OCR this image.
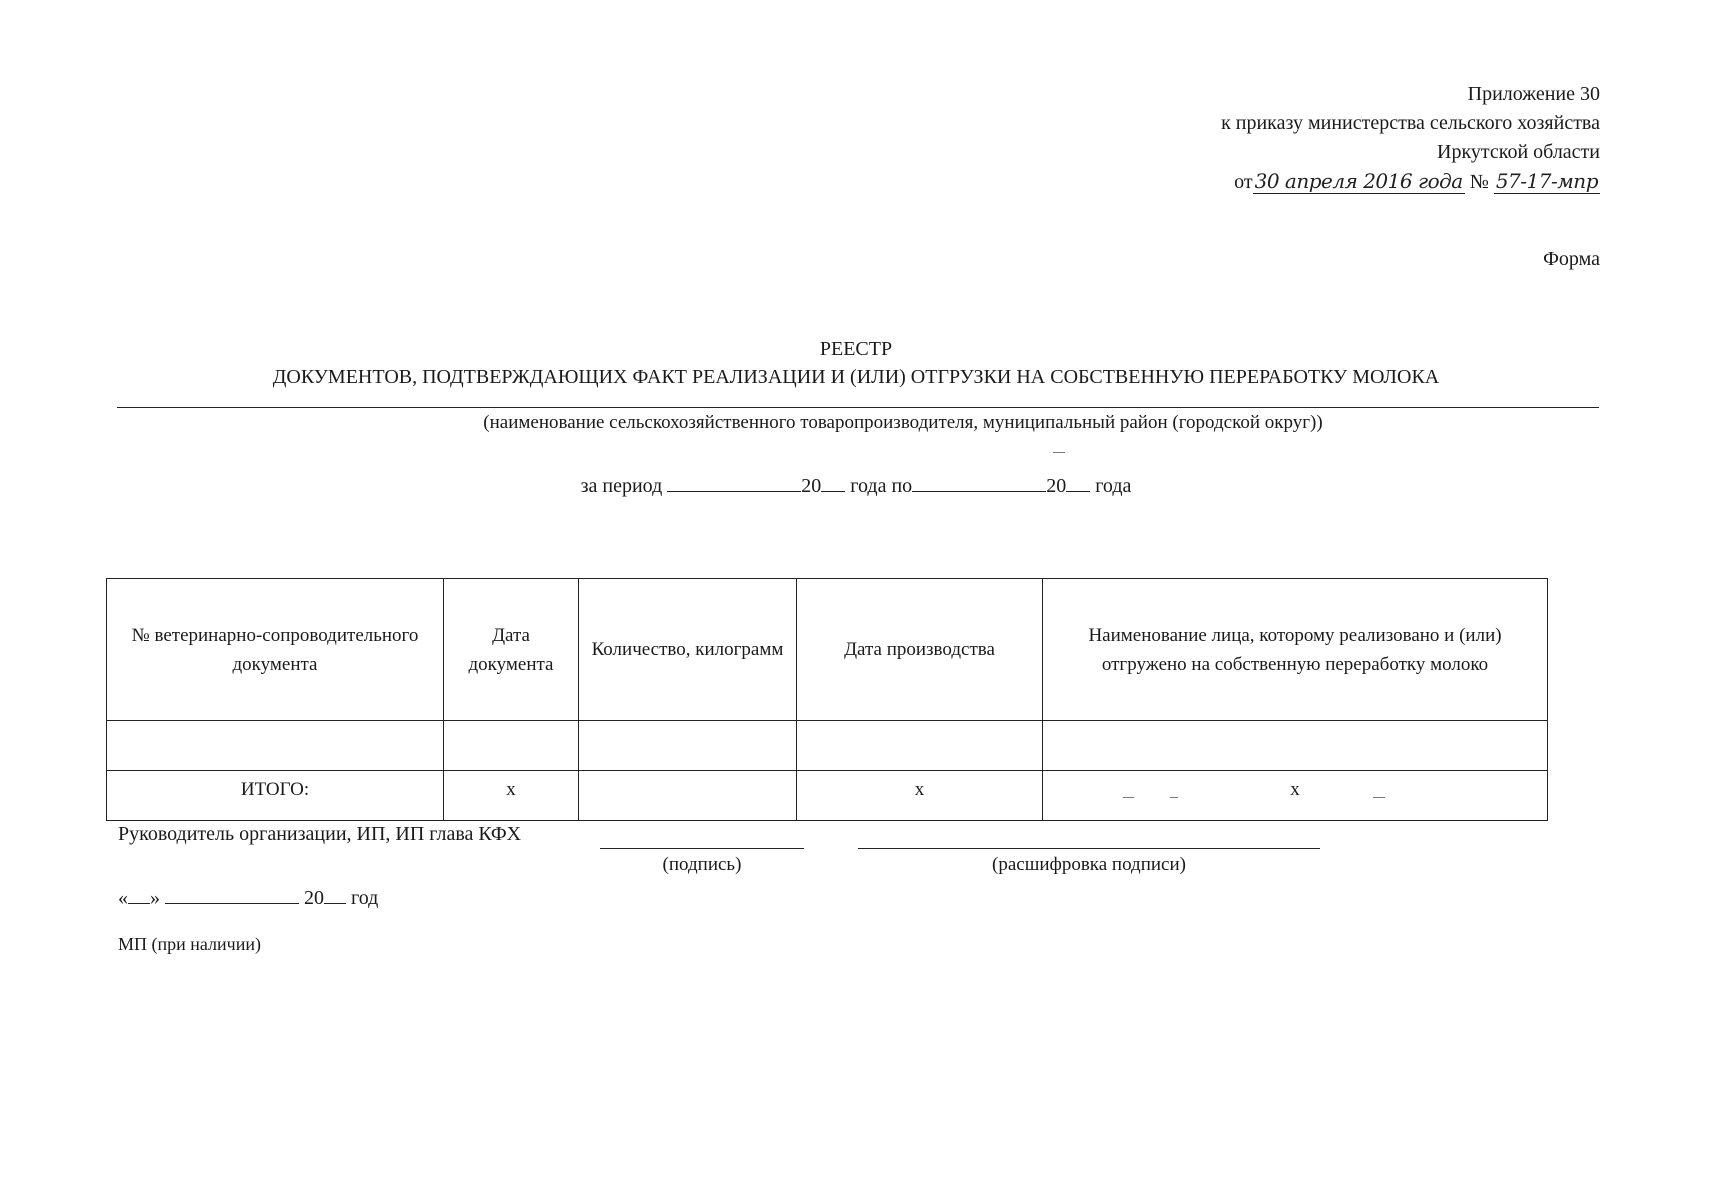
Приложение 30
к приказу министерства сельского хозяйства
Иркутской области
от 30 апреля 2016 года № 57-17-мпр
Форма
РЕЕСТР
ДОКУМЕНТОВ, ПОДТВЕРЖДАЮЩИХ ФАКТ РЕАЛИЗАЦИИ И (ИЛИ) ОТГРУЗКИ НА СОБСТВЕННУЮ ПЕРЕРАБОТКУ МОЛОКА
(наименование сельскохозяйственного товаропроизводителя, муниципальный район (городской округ))
за период	20 года по	20 года
№ ветеринарно-сопроводительного документа	Дата документа	Количество, килограмм	Дата производства	Наименование лица, которому реализовано и (или) отгружено на собственную переработку молоко

ИТОГО:	х		х	х
Руководитель организации, ИП, ИП глава КФХ
(подпись)	(расшифровка подписи)
« »	20 год
МП (при наличии)
